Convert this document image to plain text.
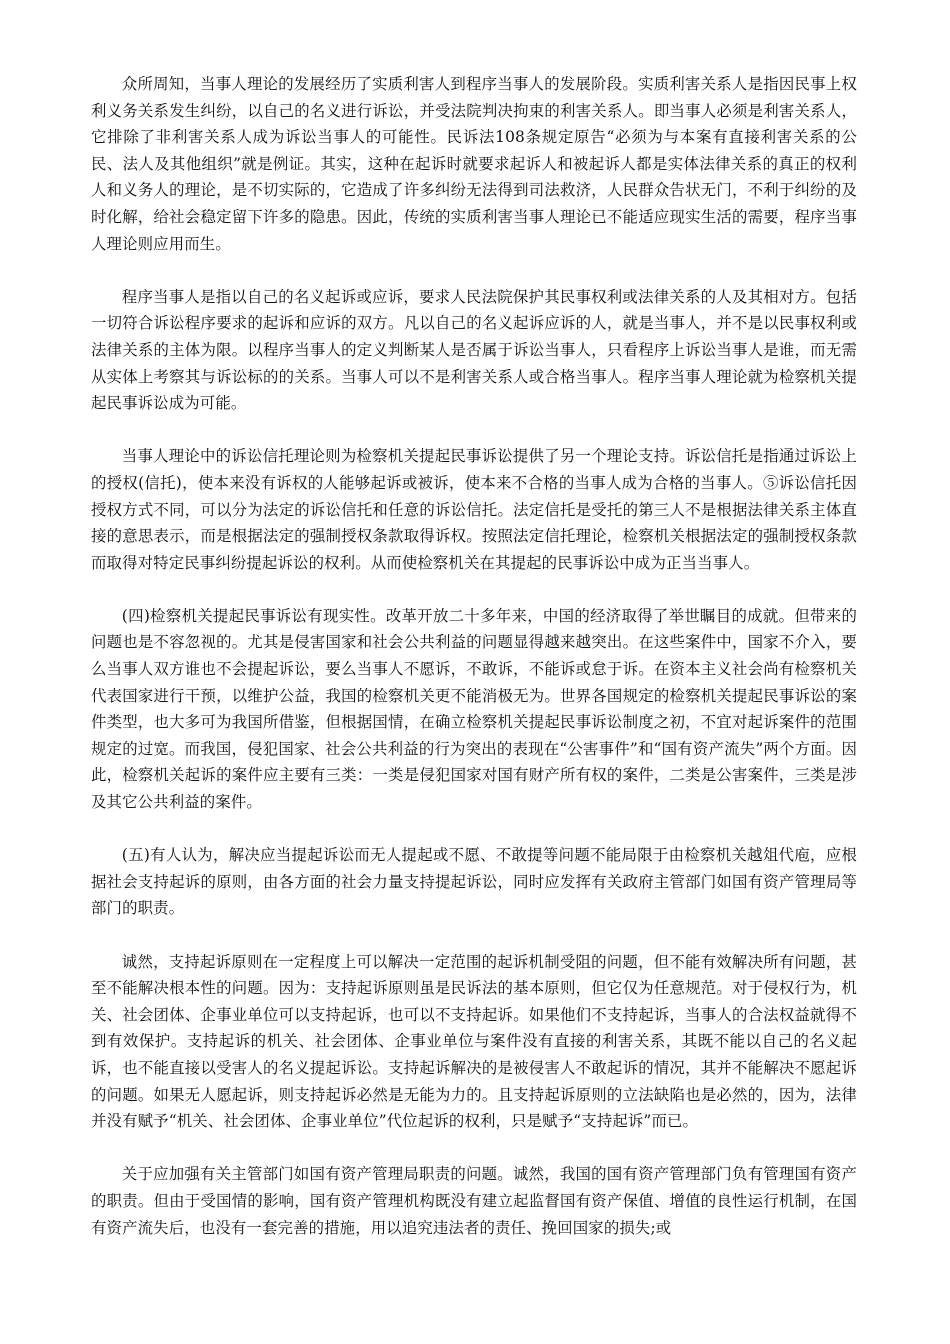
众所周知，当事人理论的发展经历了实质利害人到程序当事人的发展阶段。实质利害关系人是指因民事上权利义务关系发生纠纷，以自己的名义进行诉讼，并受法院判决拘束的利害关系人。即当事人必须是利害关系人，它排除了非利害关系人成为诉讼当事人的可能性。民诉法108条规定原告“必须为与本案有直接利害关系的公民、法人及其他组织”就是例证。其实，这种在起诉时就要求起诉人和被起诉人都是实体法律关系的真正的权利人和义务人的理论，是不切实际的，它造成了许多纠纷无法得到司法救济，人民群众告状无门，不利于纠纷的及时化解，给社会稳定留下许多的隐患。因此，传统的实质利害当事人理论已不能适应现实生活的需要，程序当事人理论则应用而生。

程序当事人是指以自己的名义起诉或应诉，要求人民法院保护其民事权利或法律关系的人及其相对方。包括一切符合诉讼程序要求的起诉和应诉的双方。凡以自己的名义起诉应诉的人，就是当事人，并不是以民事权利或法律关系的主体为限。以程序当事人的定义判断某人是否属于诉讼当事人，只看程序上诉讼当事人是谁，而无需从实体上考察其与诉讼标的的关系。当事人可以不是利害关系人或合格当事人。程序当事人理论就为检察机关提起民事诉讼成为可能。

当事人理论中的诉讼信托理论则为检察机关提起民事诉讼提供了另一个理论支持。诉讼信托是指通过诉讼上的授权(信托)，使本来没有诉权的人能够起诉或被诉，使本来不合格的当事人成为合格的当事人。⑤诉讼信托因授权方式不同，可以分为法定的诉讼信托和任意的诉讼信托。法定信托是受托的第三人不是根据法律关系主体直接的意思表示，而是根据法定的强制授权条款取得诉权。按照法定信托理论，检察机关根据法定的强制授权条款而取得对特定民事纠纷提起诉讼的权利。从而使检察机关在其提起的民事诉讼中成为正当当事人。

(四)检察机关提起民事诉讼有现实性。改革开放二十多年来，中国的经济取得了举世瞩目的成就。但带来的问题也是不容忽视的。尤其是侵害国家和社会公共利益的问题显得越来越突出。在这些案件中，国家不介入，要么当事人双方谁也不会提起诉讼，要么当事人不愿诉，不敢诉，不能诉或怠于诉。在资本主义社会尚有检察机关代表国家进行干预，以维护公益，我国的检察机关更不能消极无为。世界各国规定的检察机关提起民事诉讼的案件类型，也大多可为我国所借鉴，但根据国情，在确立检察机关提起民事诉讼制度之初，不宜对起诉案件的范围规定的过宽。而我国，侵犯国家、社会公共利益的行为突出的表现在“公害事件”和“国有资产流失”两个方面。因此，检察机关起诉的案件应主要有三类：一类是侵犯国家对国有财产所有权的案件，二类是公害案件，三类是涉及其它公共利益的案件。

(五)有人认为，解决应当提起诉讼而无人提起或不愿、不敢提等问题不能局限于由检察机关越俎代庖，应根据社会支持起诉的原则，由各方面的社会力量支持提起诉讼，同时应发挥有关政府主管部门如国有资产管理局等部门的职责。

诚然，支持起诉原则在一定程度上可以解决一定范围的起诉机制受阻的问题，但不能有效解决所有问题，甚至不能解决根本性的问题。因为：支持起诉原则虽是民诉法的基本原则，但它仅为任意规范。对于侵权行为，机关、社会团体、企事业单位可以支持起诉，也可以不支持起诉。如果他们不支持起诉，当事人的合法权益就得不到有效保护。支持起诉的机关、社会团体、企事业单位与案件没有直接的利害关系，其既不能以自己的名义起诉，也不能直接以受害人的名义提起诉讼。支持起诉解决的是被侵害人不敢起诉的情况，其并不能解决不愿起诉的问题。如果无人愿起诉，则支持起诉必然是无能为力的。且支持起诉原则的立法缺陷也是必然的，因为，法律并没有赋予“机关、社会团体、企事业单位”代位起诉的权利，只是赋予“支持起诉”而已。

关于应加强有关主管部门如国有资产管理局职责的问题。诚然，我国的国有资产管理部门负有管理国有资产的职责。但由于受国情的影响，国有资产管理机构既没有建立起监督国有资产保值、增值的良性运行机制，在国有资产流失后，也没有一套完善的措施，用以追究违法者的责任、挽回国家的损失;或
